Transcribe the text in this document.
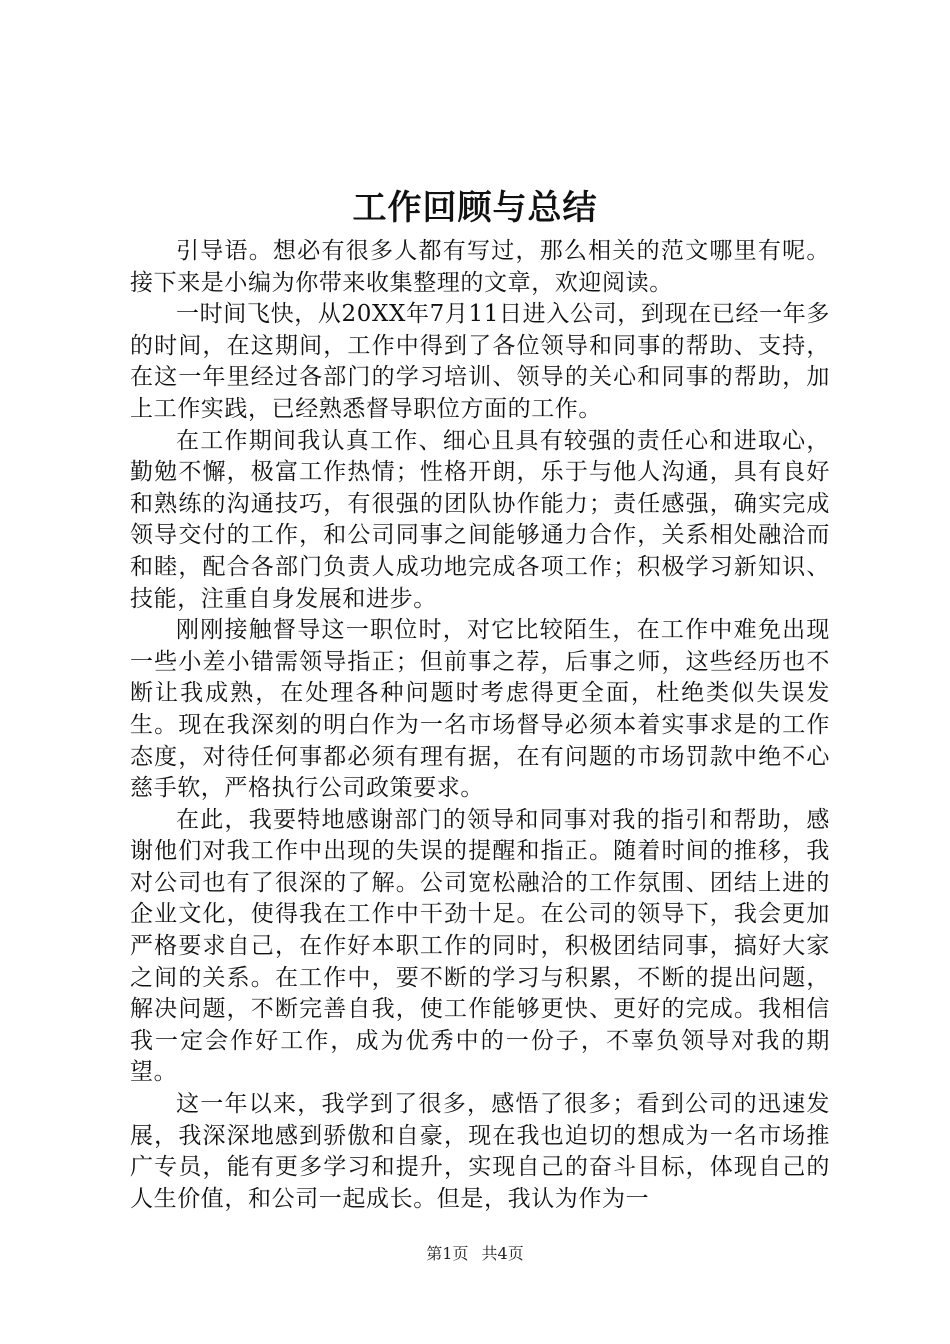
工作回顾与总结

引导语。想必有很多人都有写过，那么相关的范文哪里有呢。接下来是小编为你带来收集整理的文章，欢迎阅读。

一时间飞快，从20XX年7月11日进入公司，到现在已经一年多的时间，在这期间，工作中得到了各位领导和同事的帮助、支持，在这一年里经过各部门的学习培训、领导的关心和同事的帮助，加上工作实践，已经熟悉督导职位方面的工作。

在工作期间我认真工作、细心且具有较强的责任心和进取心，勤勉不懈，极富工作热情；性格开朗，乐于与他人沟通，具有良好和熟练的沟通技巧，有很强的团队协作能力；责任感强，确实完成领导交付的工作，和公司同事之间能够通力合作，关系相处融洽而和睦，配合各部门负责人成功地完成各项工作；积极学习新知识、技能，注重自身发展和进步。

刚刚接触督导这一职位时，对它比较陌生，在工作中难免出现一些小差小错需领导指正；但前事之荐，后事之师，这些经历也不断让我成熟，在处理各种问题时考虑得更全面，杜绝类似失误发生。现在我深刻的明白作为一名市场督导必须本着实事求是的工作态度，对待任何事都必须有理有据，在有问题的市场罚款中绝不心慈手软，严格执行公司政策要求。

在此，我要特地感谢部门的领导和同事对我的指引和帮助，感谢他们对我工作中出现的失误的提醒和指正。随着时间的推移，我对公司也有了很深的了解。公司宽松融洽的工作氛围、团结上进的企业文化，使得我在工作中干劲十足。在公司的领导下，我会更加严格要求自己，在作好本职工作的同时，积极团结同事，搞好大家之间的关系。在工作中，要不断的学习与积累，不断的提出问题，解决问题，不断完善自我，使工作能够更快、更好的完成。我相信我一定会作好工作，成为优秀中的一份子，不辜负领导对我的期望。

这一年以来，我学到了很多，感悟了很多；看到公司的迅速发展，我深深地感到骄傲和自豪，现在我也迫切的想成为一名市场推广专员，能有更多学习和提升，实现自己的奋斗目标，体现自己的人生价值，和公司一起成长。但是，我认为作为一

第1页 共4页
